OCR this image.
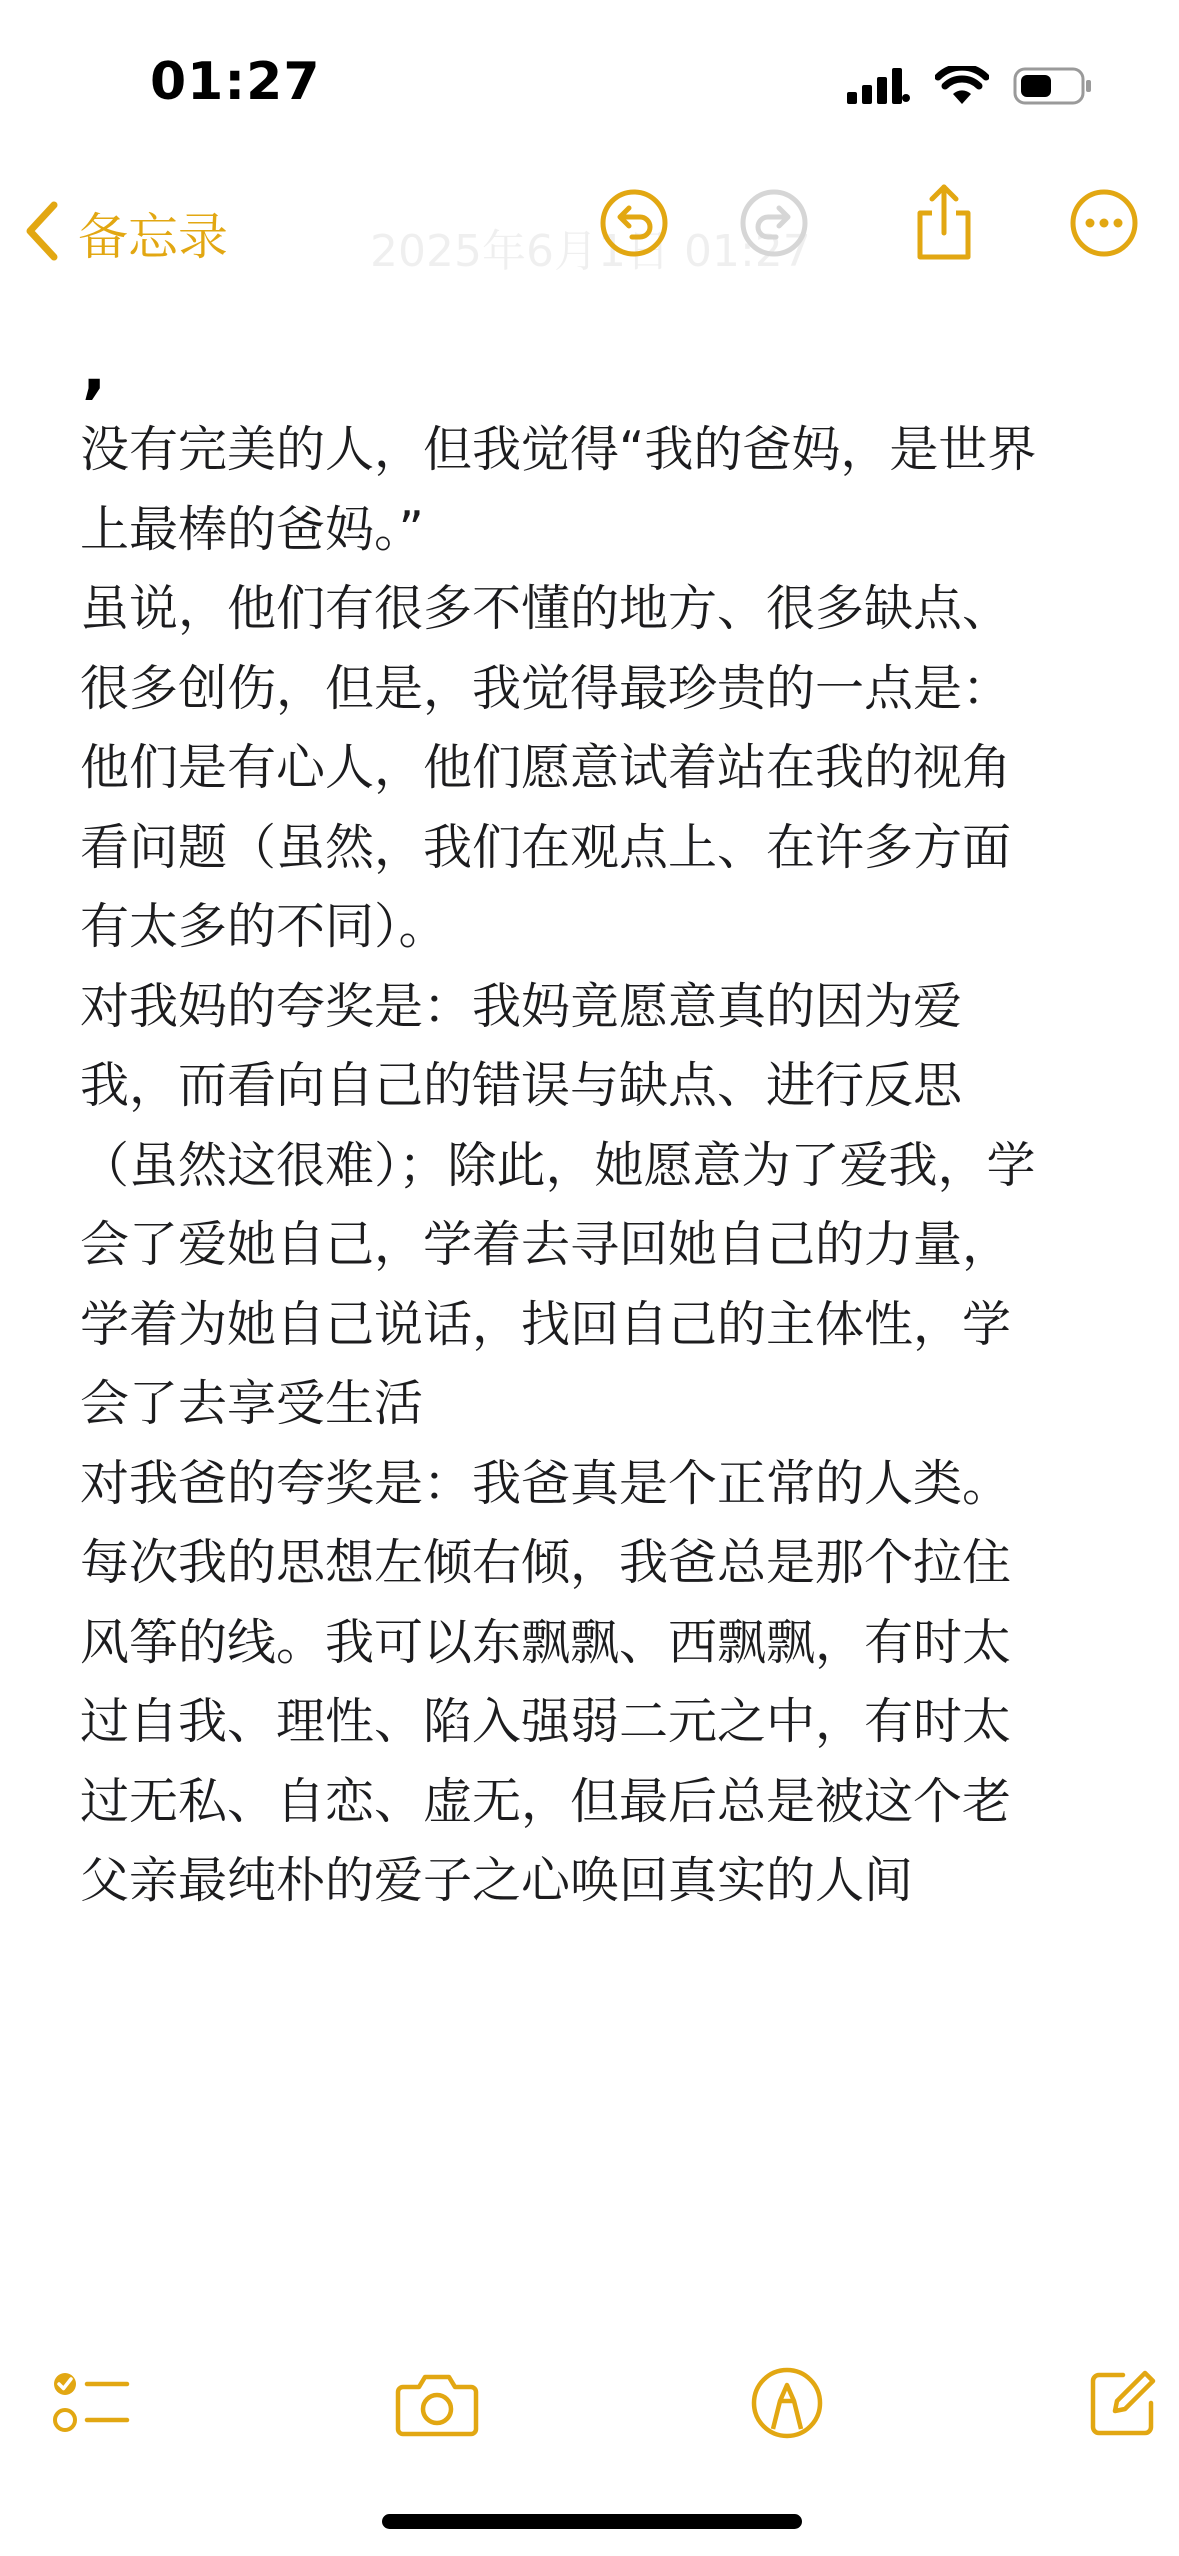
01:27
2025年6月1日 01:27
备忘录
,
没有完美的人，但我觉得“我的爸妈，是世界
上最棒的爸妈。”
虽说，他们有很多不懂的地方、很多缺点、
很多创伤，但是，我觉得最珍贵的一点是：
他们是有心人，他们愿意试着站在我的视角
看问题（虽然，我们在观点上、在许多方面
有太多的不同）。
对我妈的夸奖是：我妈竟愿意真的因为爱
我，而看向自己的错误与缺点、进行反思
（虽然这很难）；除此，她愿意为了爱我，学
会了爱她自己，学着去寻回她自己的力量，
学着为她自己说话，找回自己的主体性，学
会了去享受生活
对我爸的夸奖是：我爸真是个正常的人类。
每次我的思想左倾右倾，我爸总是那个拉住
风筝的线。我可以东飘飘、西飘飘，有时太
过自我、理性、陷入强弱二元之中，有时太
过无私、自恋、虚无，但最后总是被这个老
父亲最纯朴的爱子之心唤回真实的人间
